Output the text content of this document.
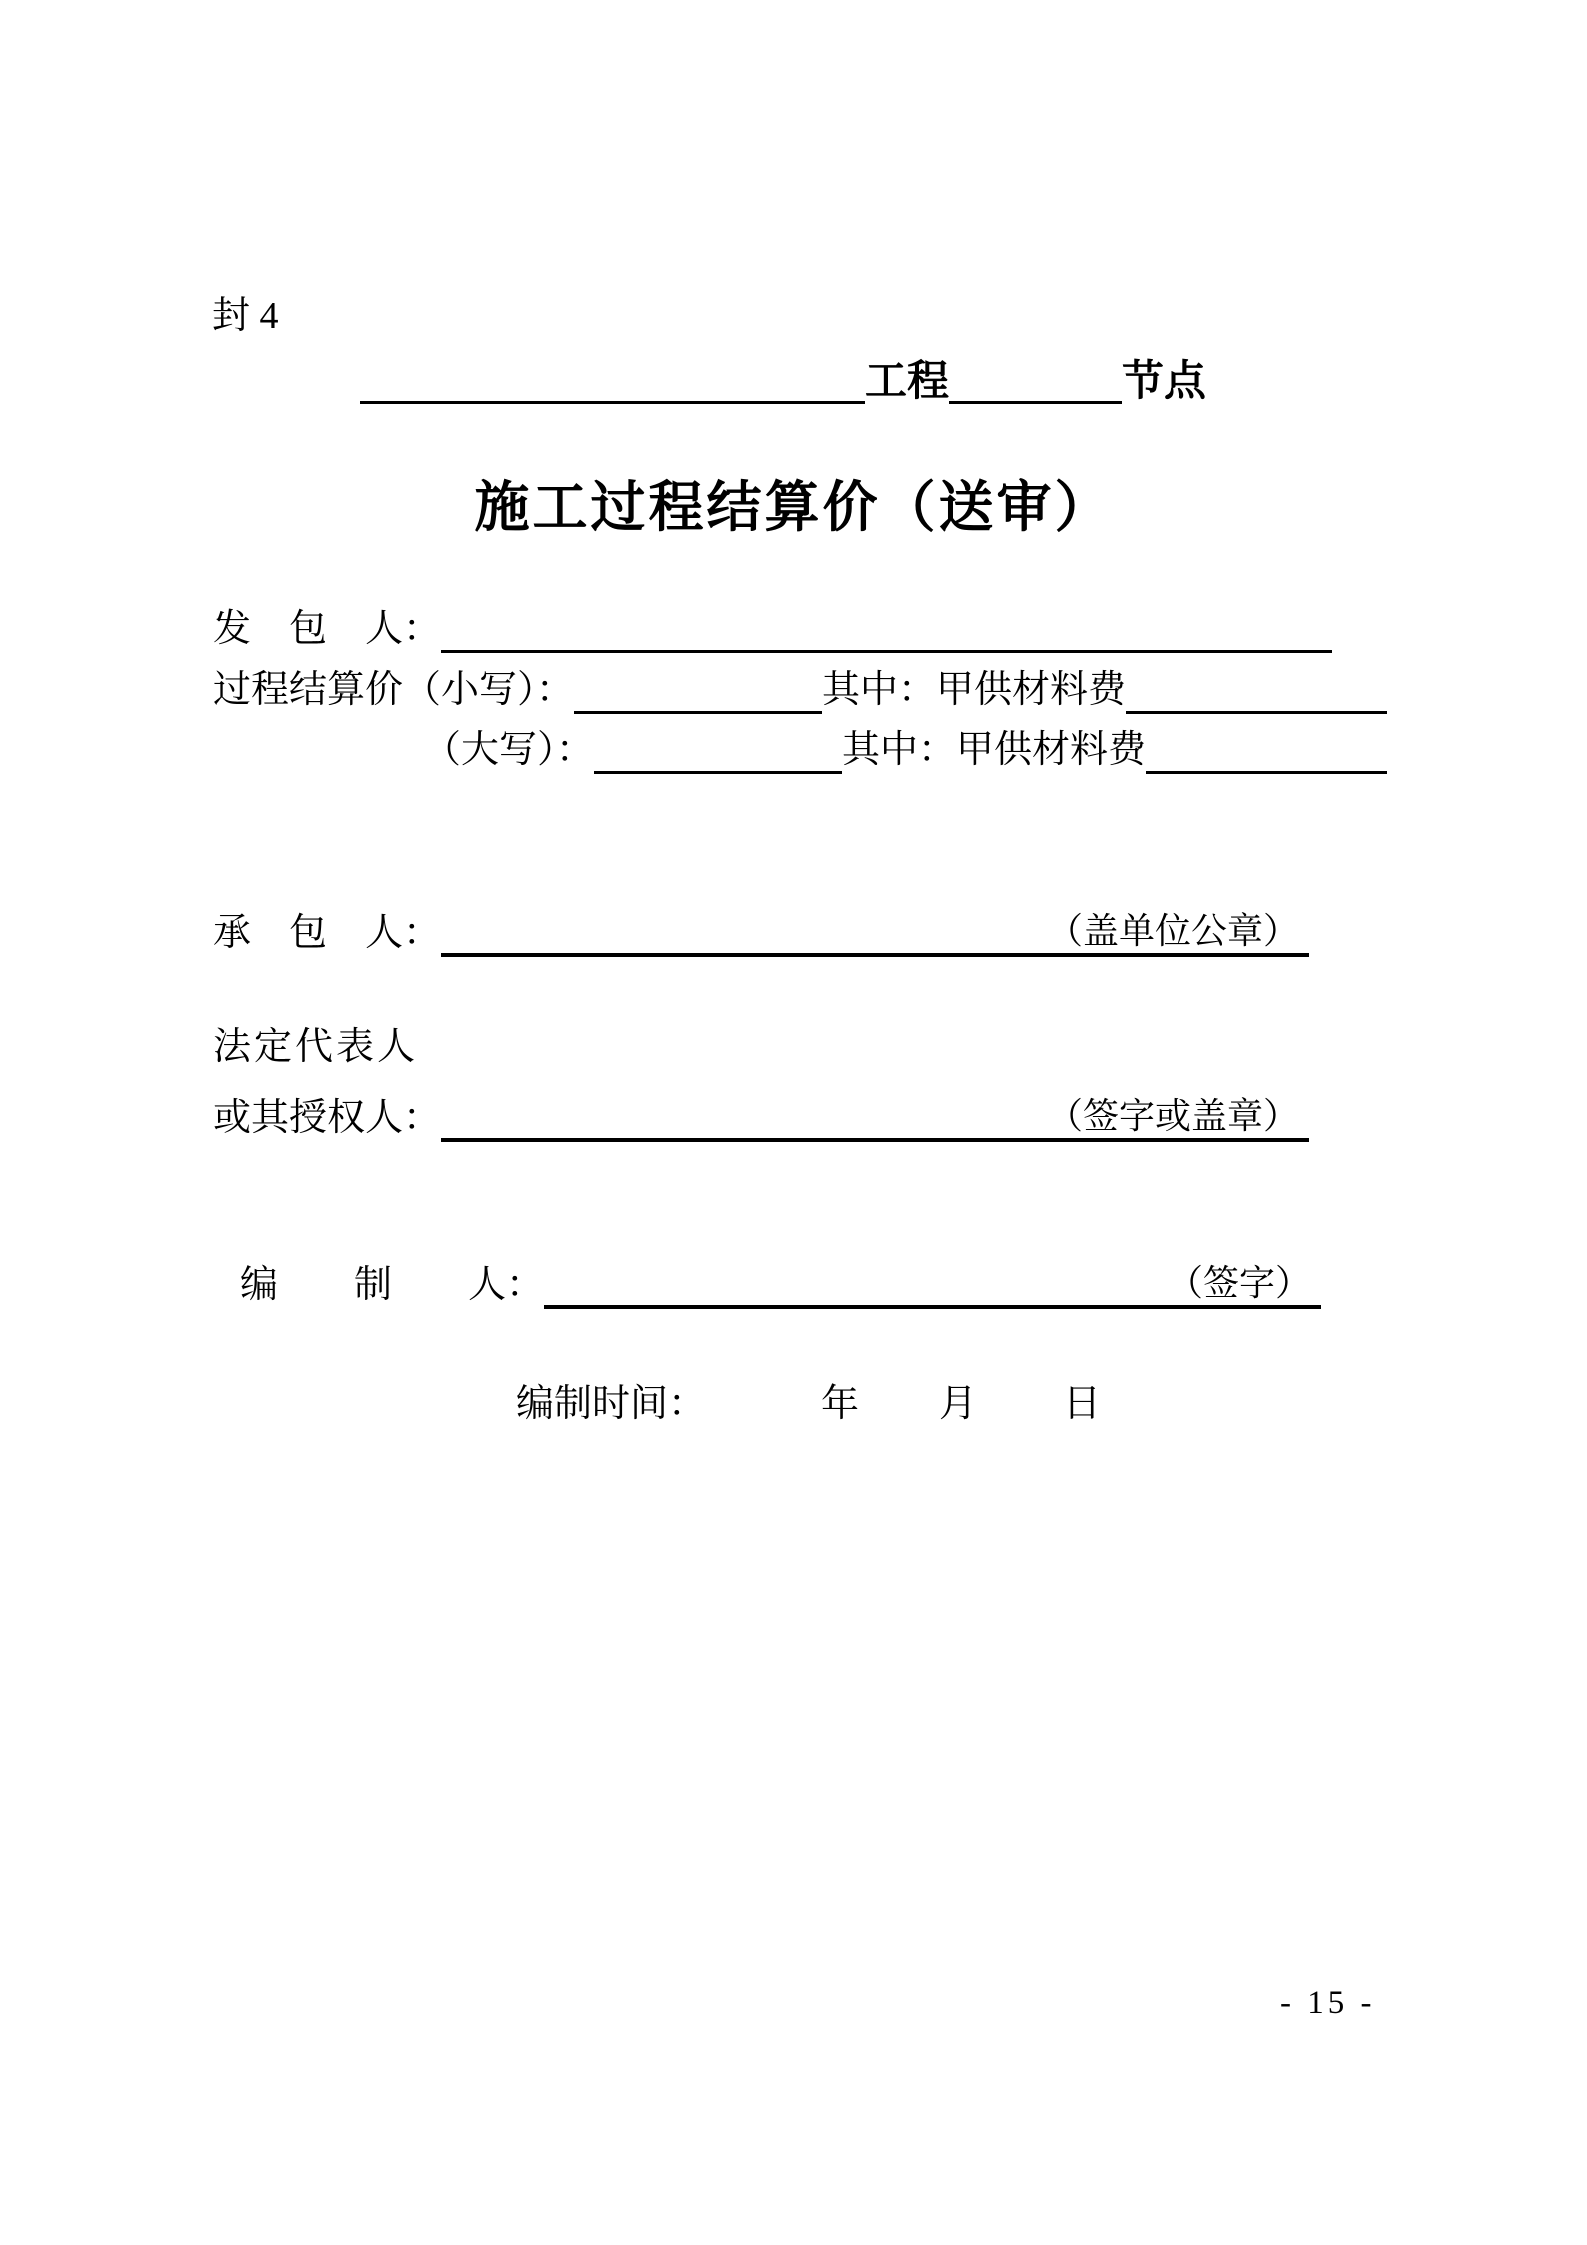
封 4
工程	节点
施工过程结算价（送审）
发　包　人：
过程结算价（小写）：	其中：甲供材料费
（大写）：	其中：甲供材料费
承　包　人：	（盖单位公章）
法定代表人
或其授权人：	（签字或盖章）
编　　制　　人：	（签字）
编制时间：	年 月 日
- 15 -
